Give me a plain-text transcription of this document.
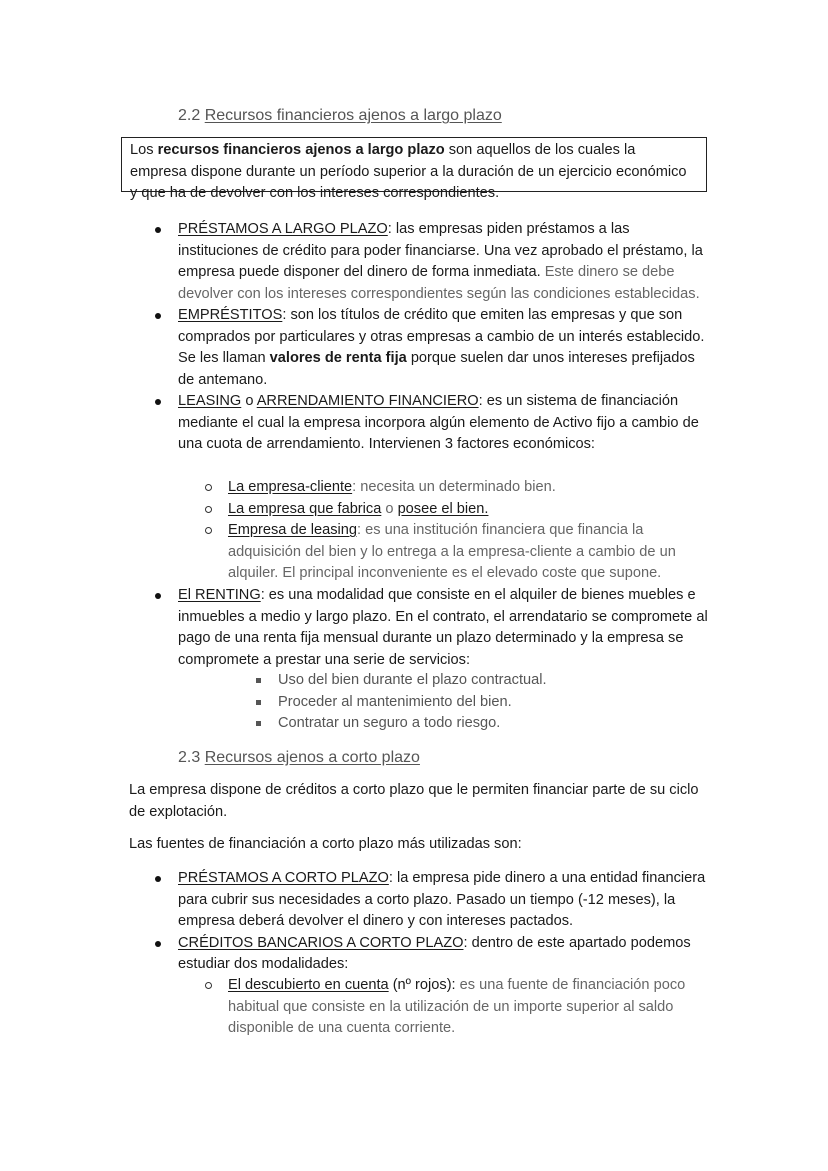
2.2 Recursos financieros ajenos a largo plazo
Los recursos financieros ajenos a largo plazo son aquellos de los cuales la empresa dispone durante un período superior a la duración de un ejercicio económico y que ha de devolver con los intereses correspondientes.
PRÉSTAMOS A LARGO PLAZO: las empresas piden préstamos a las instituciones de crédito para poder financiarse. Una vez aprobado el préstamo, la empresa puede disponer del dinero de forma inmediata. Este dinero se debe devolver con los intereses correspondientes según las condiciones establecidas.
EMPRÉSTITOS: son los títulos de crédito que emiten las empresas y que son comprados por particulares y otras empresas a cambio de un interés establecido. Se les llaman valores de renta fija porque suelen dar unos intereses prefijados de antemano.
LEASING o ARRENDAMIENTO FINANCIERO: es un sistema de financiación mediante el cual la empresa incorpora algún elemento de Activo fijo a cambio de una cuota de arrendamiento. Intervienen 3 factores económicos:
La empresa-cliente: necesita un determinado bien.
La empresa que fabrica o posee el bien.
Empresa de leasing: es una institución financiera que financia la adquisición del bien y lo entrega a la empresa-cliente a cambio de un alquiler. El principal inconveniente es el elevado coste que supone.
El RENTING: es una modalidad que consiste en el alquiler de bienes muebles e inmuebles a medio y largo plazo. En el contrato, el arrendatario se compromete al pago de una renta fija mensual durante un plazo determinado y la empresa se compromete a prestar una serie de servicios:
Uso del bien durante el plazo contractual.
Proceder al mantenimiento del bien.
Contratar un seguro a todo riesgo.
2.3 Recursos ajenos a corto plazo
La empresa dispone de créditos a corto plazo que le permiten financiar parte de su ciclo de explotación.
Las fuentes de financiación a corto plazo más utilizadas son:
PRÉSTAMOS A CORTO PLAZO: la empresa pide dinero a una entidad financiera para cubrir sus necesidades a corto plazo. Pasado un tiempo (-12 meses), la empresa deberá devolver el dinero y con intereses pactados.
CRÉDITOS BANCARIOS A CORTO PLAZO: dentro de este apartado podemos estudiar dos modalidades:
El descubierto en cuenta (nº rojos): es una fuente de financiación poco habitual que consiste en la utilización de un importe superior al saldo disponible de una cuenta corriente.
